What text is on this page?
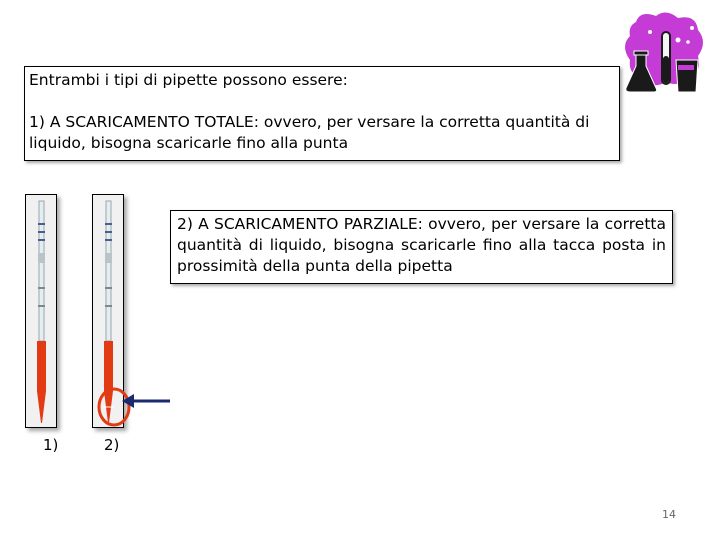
Entrambi i tipi di pipette possono essere:

1) A SCARICAMENTO TOTALE: ovvero, per versare la corretta quantità di liquido, bisogna scaricarle fino alla punta

2) A SCARICAMENTO PARZIALE: ovvero, per versare la corretta quantità di liquido, bisogna scaricarle fino alla tacca posta in prossimità della punta della pipetta
1)	2)
14
